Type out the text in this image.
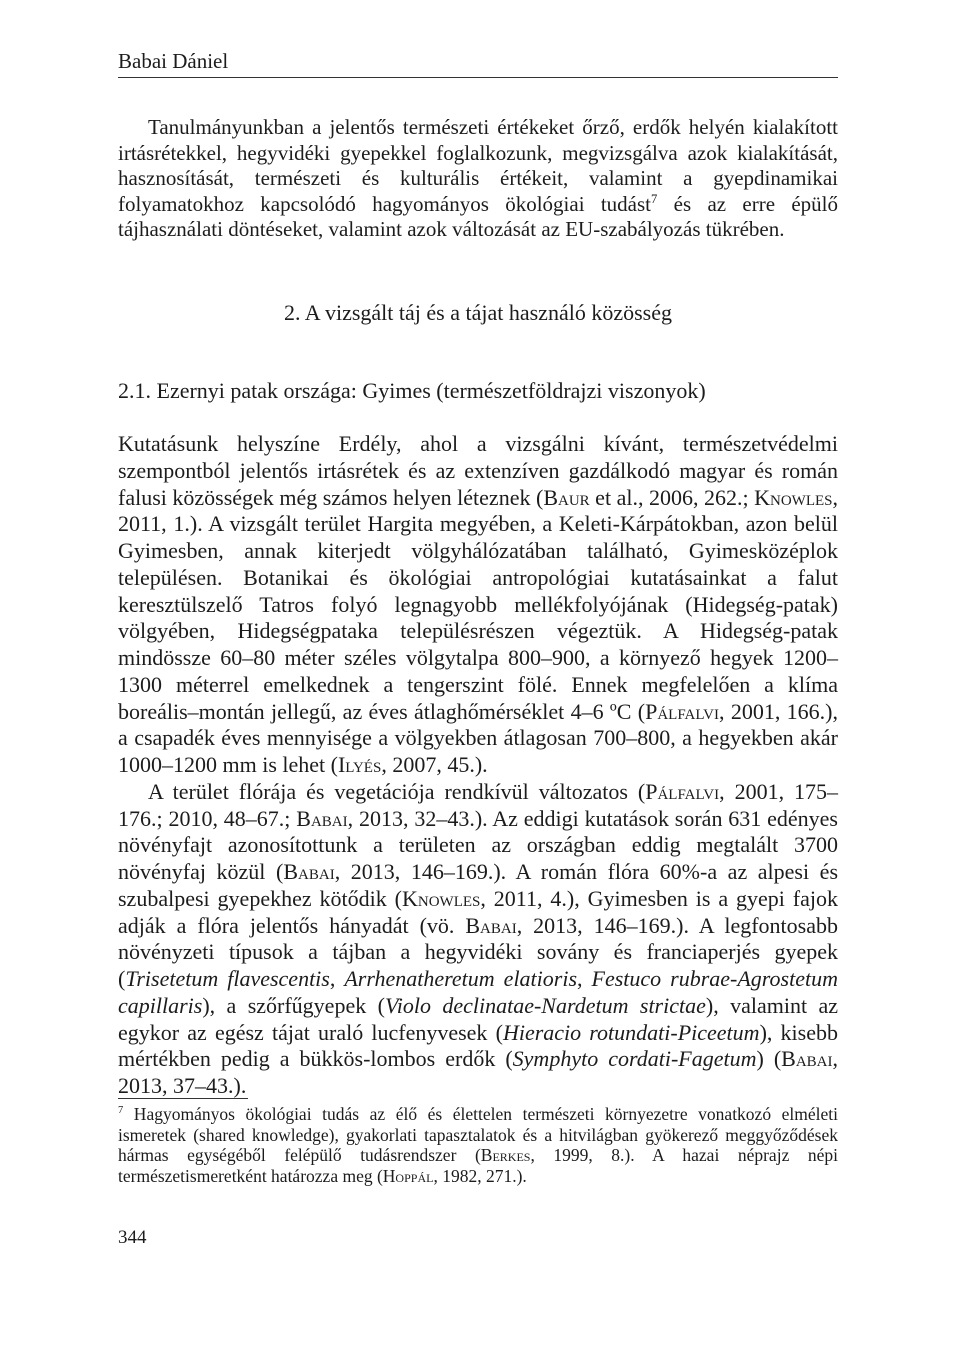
Babai Dániel
Tanulmányunkban a jelentős természeti értékeket őrző, erdők helyén kialakított irtásrétekkel, hegyvidéki gyepekkel foglalkozunk, megvizsgálva azok kialakítását, hasznosítását, természeti és kulturális értékeit, valamint a gyepdinamikai folyamatokhoz kapcsolódó hagyományos ökológiai tudást$^7$ és az erre épülő tájhasználati döntéseket, valamint azok változását az EU-szabályozás tükrében.
2. A vizsgált táj és a tájat használó közösség
2.1. Ezernyi patak országa: Gyimes (természetföldrajzi viszonyok)

Kutatásunk helyszíne Erdély, ahol a vizsgálni kívánt, természetvédelmi szempontból jelentős irtásrétek és az extenzíven gazdálkodó magyar és román falusi közösségek még számos helyen léteznek (Baur et al., 2006, 262.; Knowles, 2011, 1.). A vizsgált terület Hargita megyében, a Keleti-Kárpátokban, azon belül Gyimesben, annak kiterjedt völgyhálózatában található, Gyimesközéplok településen. Botanikai és ökológiai antropológiai kutatásainkat a falut keresztülszelő Tatros folyó legnagyobb mellékfolyójának (Hidegség-patak) völgyében, Hidegségpataka településrészen végeztük. A Hidegség-patak mindössze 60–80 méter széles völgytalpa 800–900, a környező hegyek 1200–1300 méterrel emelkednek a tengerszint fölé. Ennek megfelelően a klíma boreális–montán jellegű, az éves átlaghőmérséklet 4–6 ºC (Pálfalvi, 2001, 166.), a csapadék éves mennyisége a völgyekben átlagosan 700–800, a hegyekben akár 1000–1200 mm is lehet (Ilyés, 2007, 45.).

A terület flórája és vegetációja rendkívül változatos (Pálfalvi, 2001, 175–176.; 2010, 48–67.; Babai, 2013, 32–43.). Az eddigi kutatások során 631 edényes növényfajt azonosítottunk a területen az országban eddig megtalált 3700 növényfaj közül (Babai, 2013, 146–169.). A román flóra 60%-a az alpesi és szubalpesi gyepekhez kötődik (Knowles, 2011, 4.), Gyimesben is a gyepi fajok adják a flóra jelentős hányadát (vö. Babai, 2013, 146–169.). A legfontosabb növényzeti típusok a tájban a hegyvidéki sovány és franciaperjés gyepek (Trisetetum flavescentis, Arrhenatheretum elatioris, Festuco rubrae-Agrostetum capillaris), a szőrfűgyepek (Violo declinatae-Nardetum strictae), valamint az egykor az egész tájat uraló lucfenyvesek (Hieracio rotundati-Piceetum), kisebb mértékben pedig a bükkös-lombos erdők (Symphyto cordati-Fagetum) (Babai, 2013, 37–43.).

$^7$ Hagyományos ökológiai tudás az élő és élettelen természeti környezetre vonatkozó elméleti ismeretek (shared knowledge), gyakorlati tapasztalatok és a hitvilágban gyökerező meggyőződések hármas egységéből felépülő tudásrendszer (Berkes, 1999, 8.). A hazai néprajz népi természetismeretként határozza meg (Hoppál, 1982, 271.).
344
